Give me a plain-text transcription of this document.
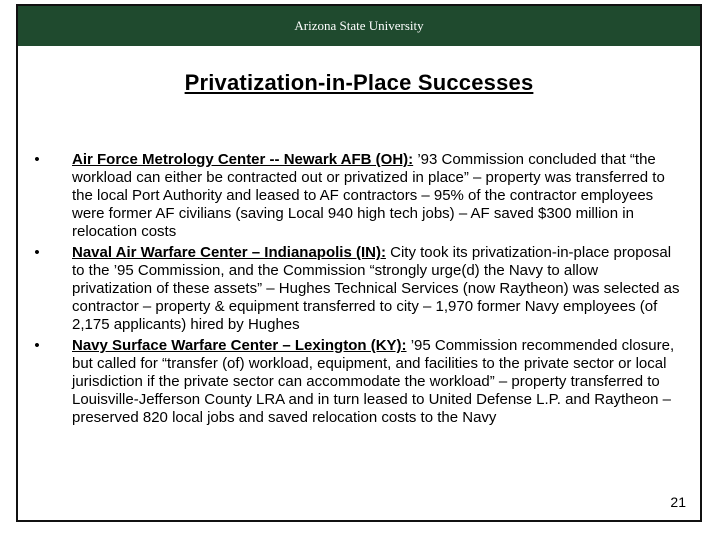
Arizona State University
Privatization-in-Place Successes
• Air Force Metrology Center -- Newark AFB (OH): ’93 Commission concluded that “the workload can either be contracted out or privatized in place” – property was transferred to the local Port Authority and leased to AF contractors – 95% of the contractor employees were former AF civilians (saving Local 940 high tech jobs) – AF saved $300 million in relocation costs
• Naval Air Warfare Center – Indianapolis (IN): City took its privatization-in-place proposal to the ’95 Commission, and the Commission “strongly urge(d) the Navy to allow privatization of these assets” – Hughes Technical Services (now Raytheon) was selected as contractor – property & equipment transferred to city – 1,970 former Navy employees (of 2,175 applicants) hired by Hughes
• Navy Surface Warfare Center – Lexington (KY): ’95 Commission recommended closure, but called for “transfer (of) workload, equipment, and facilities to the private sector or local jurisdiction if the private sector can accommodate the workload” – property transferred to Louisville-Jefferson County LRA and in turn leased to United Defense L.P. and Raytheon – preserved 820 local jobs and saved relocation costs to the Navy
21
